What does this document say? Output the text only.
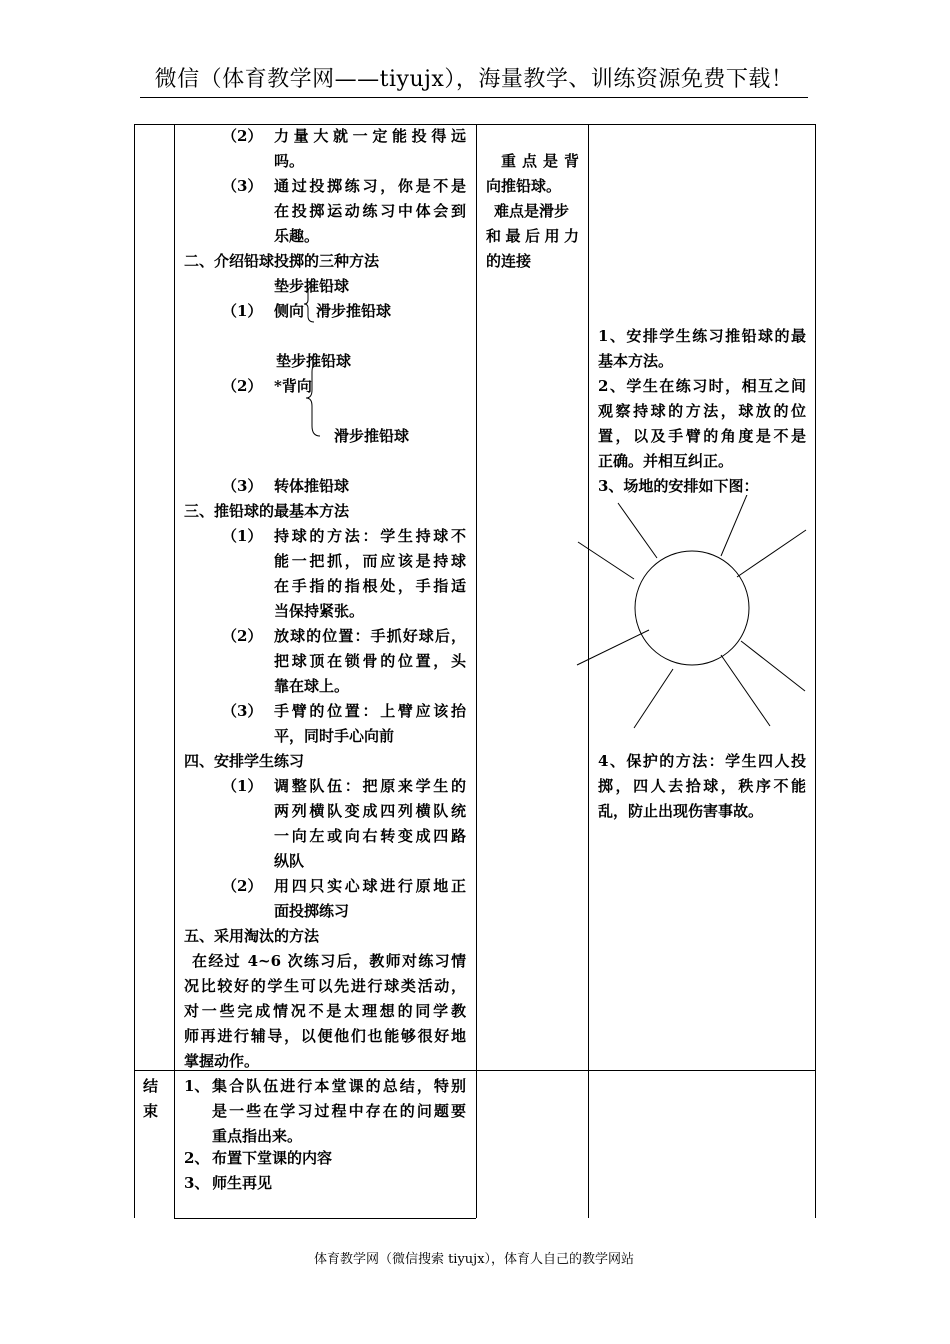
微信（体育教学网——tiyujx），海量教学、训练资源免费下载！
（2） 力量大就一定能投得远
吗。
（3） 通过投掷练习，你是不是
在投掷运动练习中体会到
乐趣。
二、介绍铅球投掷的三种方法
垫步推铅球
（1） 侧向 滑步推铅球
垫步推铅球
（2） *背向
滑步推铅球
（3） 转体推铅球
三、推铅球的最基本方法
（1） 持球的方法：学生持球不
能一把抓，而应该是持球
在手指的指根处，手指适
当保持紧张。
（2） 放球的位置：手抓好球后，
把球顶在锁骨的位置，头
靠在球上。
（3） 手臂的位置：上臂应该抬
平，同时手心向前
四、安排学生练习
（1） 调整队伍：把原来学生的
两列横队变成四列横队统
一向左或向右转变成四路
纵队
（2） 用四只实心球进行原地正
面投掷练习
五、采用淘汰的方法
在经过 4~6 次练习后，教师对练习情
况比较好的学生可以先进行球类活动，
对一些完成情况不是太理想的同学教
师再进行辅导，以便他们也能够很好地
掌握动作。
重点是背
向推铅球。
难点是滑步
和最后用力
的连接
1、安排学生练习推铅球的最
基本方法。
2、学生在练习时，相互之间
观察持球的方法，球放的位
置，以及手臂的角度是不是
正确。并相互纠正。
3、场地的安排如下图：
4、保护的方法：学生四人投
掷，四人去拾球，秩序不能
乱，防止出现伤害事故。
结
束
1、 集合队伍进行本堂课的总结，特别
是一些在学习过程中存在的问题要
重点指出来。
2、 布置下堂课的内容
3、 师生再见
体育教学网（微信搜索 tiyujx），体育人自己的教学网站
